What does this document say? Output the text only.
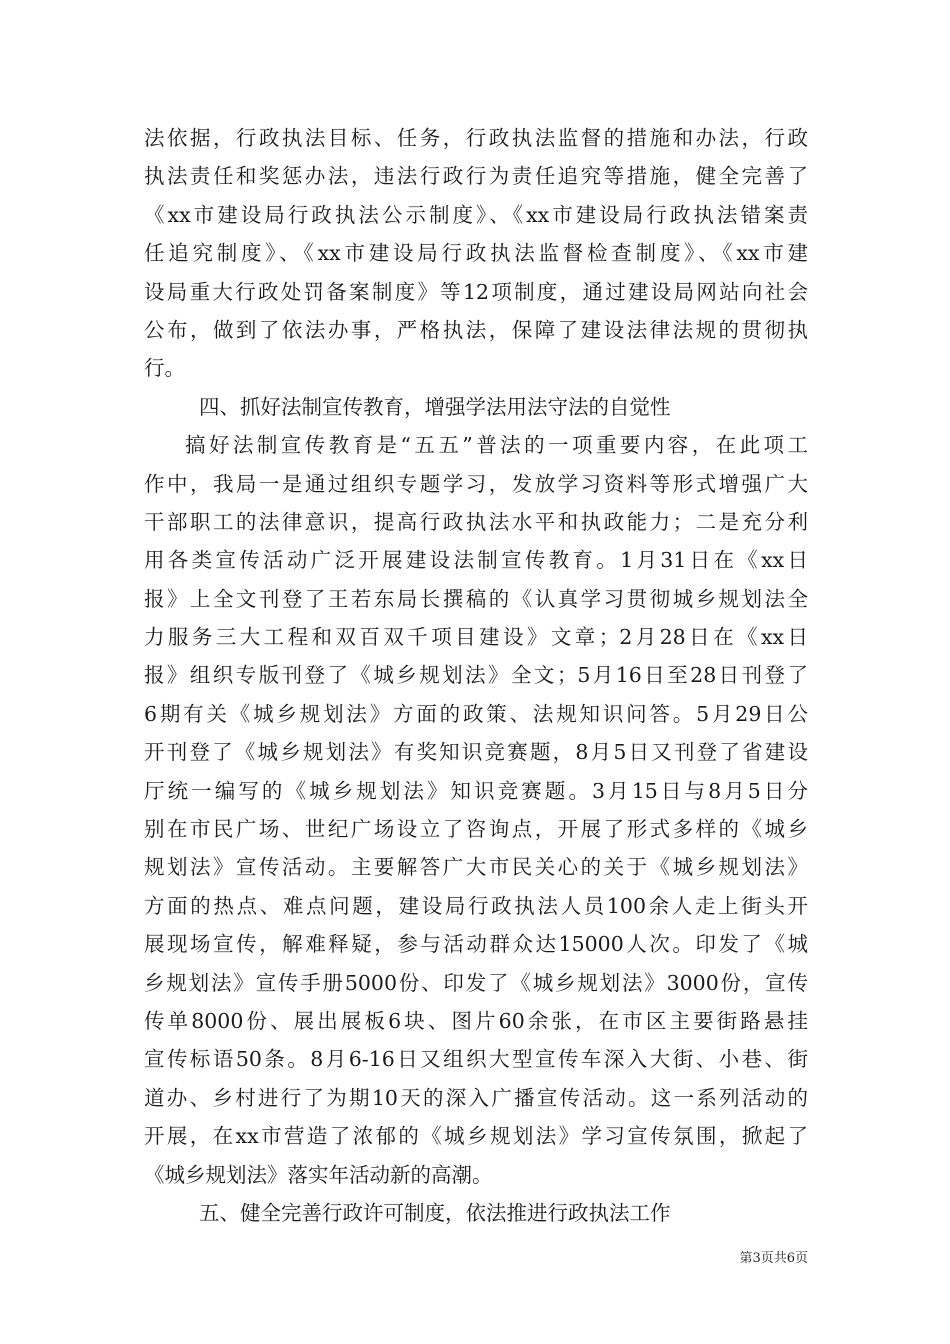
法依据，行政执法目标、任务，行政执法监督的措施和办法，行政
执法责任和奖惩办法，违法行政行为责任追究等措施，健全完善了
《xx市建设局行政执法公示制度》、《xx市建设局行政执法错案责
任追究制度》、《xx市建设局行政执法监督检查制度》、《xx市建
设局重大行政处罚备案制度》等12项制度，通过建设局网站向社会
公布，做到了依法办事，严格执法，保障了建设法律法规的贯彻执
行。
四、抓好法制宣传教育，增强学法用法守法的自觉性
搞好法制宣传教育是“五五”普法的一项重要内容，在此项工
作中，我局一是通过组织专题学习，发放学习资料等形式增强广大
干部职工的法律意识，提高行政执法水平和执政能力；二是充分利
用各类宣传活动广泛开展建设法制宣传教育。1月31日在《xx日
报》上全文刊登了王若东局长撰稿的《认真学习贯彻城乡规划法全
力服务三大工程和双百双千项目建设》文章；2月28日在《xx日
报》组织专版刊登了《城乡规划法》全文；5月16日至28日刊登了
6期有关《城乡规划法》方面的政策、法规知识问答。5月29日公
开刊登了《城乡规划法》有奖知识竞赛题，8月5日又刊登了省建设
厅统一编写的《城乡规划法》知识竞赛题。3月15日与8月5日分
别在市民广场、世纪广场设立了咨询点，开展了形式多样的《城乡
规划法》宣传活动。主要解答广大市民关心的关于《城乡规划法》
方面的热点、难点问题，建设局行政执法人员100余人走上街头开
展现场宣传，解难释疑，参与活动群众达15000人次。印发了《城
乡规划法》宣传手册5000份、印发了《城乡规划法》3000份，宣传
传单8000份、展出展板6块、图片60余张，在市区主要街路悬挂
宣传标语50条。8月6-16日又组织大型宣传车深入大街、小巷、街
道办、乡村进行了为期10天的深入广播宣传活动。这一系列活动的
开展，在xx市营造了浓郁的《城乡规划法》学习宣传氛围，掀起了
《城乡规划法》落实年活动新的高潮。
五、健全完善行政许可制度，依法推进行政执法工作
第3页共6页
